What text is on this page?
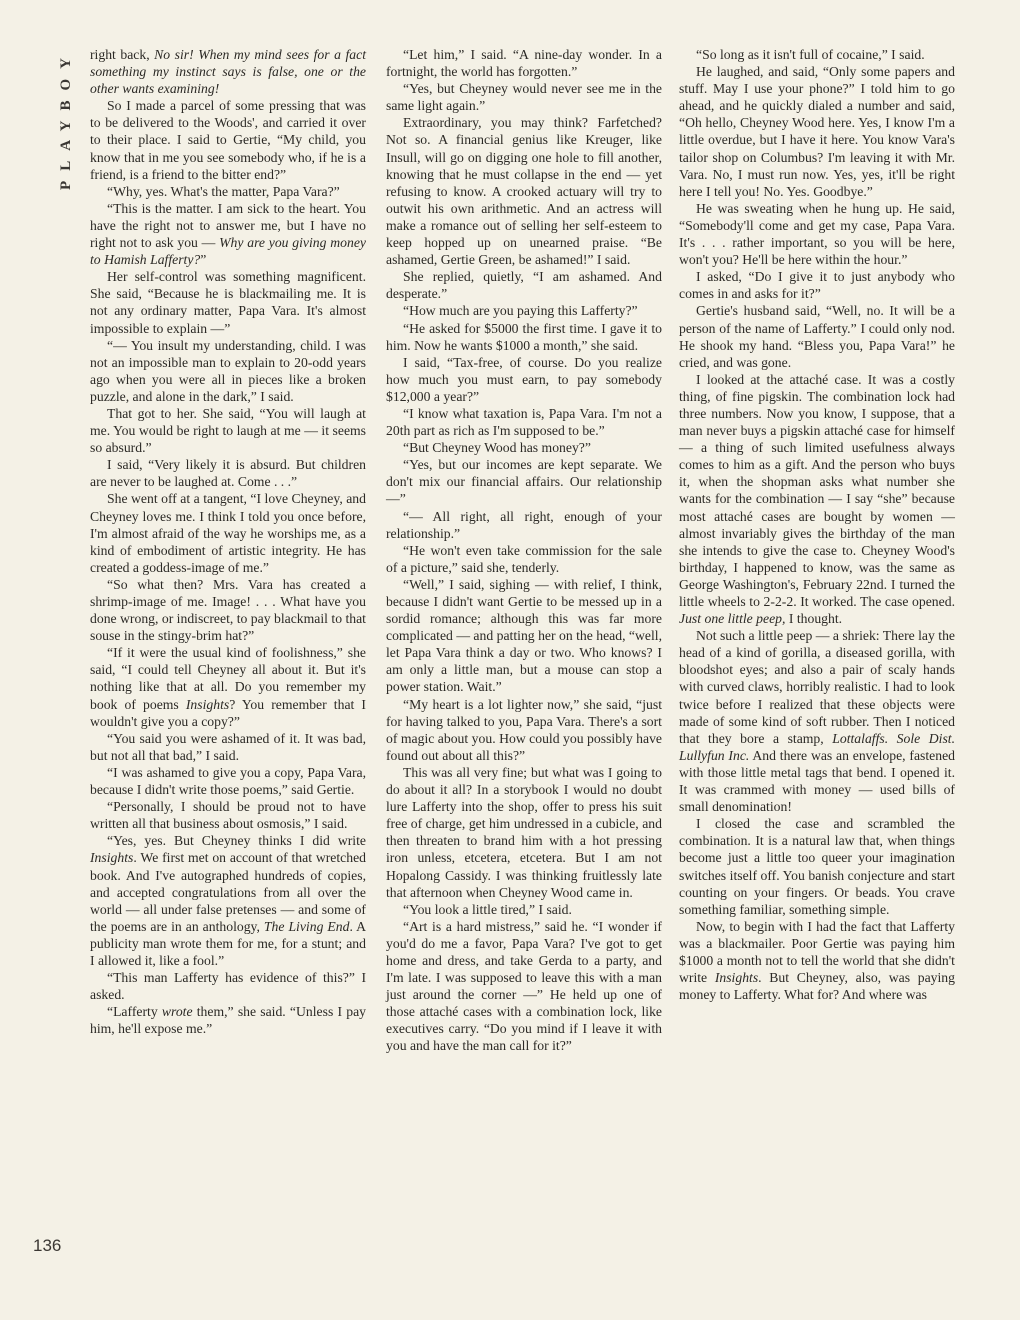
PLAYBOY right back, No sir! When my mind sees for a fact something my instinct says is false, one or the other wants examining!

So I made a parcel of some pressing that was to be delivered to the Woods', and carried it over to their place. I said to Gertie, “My child, you know that in me you see somebody who, if he is a friend, is a friend to the bitter end?”

“Why, yes. What's the matter, Papa Vara?”

“This is the matter. I am sick to the heart. You have the right not to answer me, but I have no right not to ask you — Why are you giving money to Hamish Lafferty?”

Her self-control was something magnificent. She said, “Because he is blackmailing me. It is not any ordinary matter, Papa Vara. It's almost impossible to explain —”

“— You insult my understanding, child. I was not an impossible man to explain to 20-odd years ago when you were all in pieces like a broken puzzle, and alone in the dark,” I said.

That got to her. She said, “You will laugh at me. You would be right to laugh at me — it seems so absurd.”

I said, “Very likely it is absurd. But children are never to be laughed at. Come . . .”

She went off at a tangent, “I love Cheyney, and Cheyney loves me. I think I told you once before, I'm almost afraid of the way he worships me, as a kind of embodiment of artistic integrity. He has created a goddess-image of me.”

“So what then? Mrs. Vara has created a shrimp-image of me. Image! . . . What have you done wrong, or indiscreet, to pay blackmail to that souse in the stingy-brim hat?”

“If it were the usual kind of foolishness,” she said, “I could tell Cheyney all about it. But it's nothing like that at all. Do you remember my book of poems Insights? You remember that I wouldn't give you a copy?”

“You said you were ashamed of it. It was bad, but not all that bad,” I said.

“I was ashamed to give you a copy, Papa Vara, because I didn't write those poems,” said Gertie.

“Personally, I should be proud not to have written all that business about osmosis,” I said.

“Yes, yes. But Cheyney thinks I did write Insights. We first met on account of that wretched book. And I've autographed hundreds of copies, and accepted congratulations from all over the world — all under false pretenses — and some of the poems are in an anthology, The Living End. A publicity man wrote them for me, for a stunt; and I allowed it, like a fool.”

“This man Lafferty has evidence of this?” I asked.

“Lafferty wrote them,” she said. “Unless I pay him, he'll expose me.”

“Let him,” I said. “A nine-day wonder. In a fortnight, the world has forgotten.”

“Yes, but Cheyney would never see me in the same light again.”

Extraordinary, you may think? Farfetched? Not so. A financial genius like Kreuger, like Insull, will go on digging one hole to fill another, knowing that he must collapse in the end — yet refusing to know. A crooked actuary will try to outwit his own arithmetic. And an actress will make a romance out of selling her self-esteem to keep hopped up on unearned praise. “Be ashamed, Gertie Green, be ashamed!” I said.

She replied, quietly, “I am ashamed. And desperate.”

“How much are you paying this Lafferty?”

“He asked for $5000 the first time. I gave it to him. Now he wants $1000 a month,” she said.

I said, “Tax-free, of course. Do you realize how much you must earn, to pay somebody $12,000 a year?”

“I know what taxation is, Papa Vara. I'm not a 20th part as rich as I'm supposed to be.”

“But Cheyney Wood has money?”

“Yes, but our incomes are kept separate. We don't mix our financial affairs. Our relationship —”

“— All right, all right, enough of your relationship.”

“He won't even take commission for the sale of a picture,” said she, tenderly.

“Well,” I said, sighing — with relief, I think, because I didn't want Gertie to be messed up in a sordid romance; although this was far more complicated — and patting her on the head, “well, let Papa Vara think a day or two. Who knows? I am only a little man, but a mouse can stop a power station. Wait.”

“My heart is a lot lighter now,” she said, “just for having talked to you, Papa Vara. There's a sort of magic about you. How could you possibly have found out about all this?”

This was all very fine; but what was I going to do about it all? In a storybook I would no doubt lure Lafferty into the shop, offer to press his suit free of charge, get him undressed in a cubicle, and then threaten to brand him with a hot pressing iron unless, etcetera, etcetera. But I am not Hopalong Cassidy. I was thinking fruitlessly late that afternoon when Cheyney Wood came in.

“You look a little tired,” I said.

“Art is a hard mistress,” said he. “I wonder if you'd do me a favor, Papa Vara? I've got to get home and dress, and take Gerda to a party, and I'm late. I was supposed to leave this with a man just around the corner —” He held up one of those attaché cases with a combination lock, like executives carry. “Do you mind if I leave it with you and have the man call for it?”

“So long as it isn't full of cocaine,” I said.

He laughed, and said, “Only some papers and stuff. May I use your phone?” I told him to go ahead, and he quickly dialed a number and said, “Oh hello, Cheyney Wood here. Yes, I know I'm a little overdue, but I have it here. You know Vara's tailor shop on Columbus? I'm leaving it with Mr. Vara. No, I must run now. Yes, yes, it'll be right here I tell you! No. Yes. Goodbye.”

He was sweating when he hung up. He said, “Somebody'll come and get my case, Papa Vara. It's . . . rather important, so you will be here, won't you? He'll be here within the hour.”

I asked, “Do I give it to just anybody who comes in and asks for it?”

Gertie's husband said, “Well, no. It will be a person of the name of Lafferty.” I could only nod. He shook my hand. “Bless you, Papa Vara!” he cried, and was gone.

I looked at the attaché case. It was a costly thing, of fine pigskin. The combination lock had three numbers. Now you know, I suppose, that a man never buys a pigskin attaché case for himself — a thing of such limited usefulness always comes to him as a gift. And the person who buys it, when the shopman asks what number she wants for the combination — I say “she” because most attaché cases are bought by women — almost invariably gives the birthday of the man she intends to give the case to. Cheyney Wood's birthday, I happened to know, was the same as George Washington's, February 22nd. I turned the little wheels to 2-2-2. It worked. The case opened. Just one little peep, I thought.

Not such a little peep — a shriek: There lay the head of a kind of gorilla, a diseased gorilla, with bloodshot eyes; and also a pair of scaly hands with curved claws, horribly realistic. I had to look twice before I realized that these objects were made of some kind of soft rubber. Then I noticed that they bore a stamp, Lottalaffs. Sole Dist. Lullyfun Inc. And there was an envelope, fastened with those little metal tags that bend. I opened it. It was crammed with money — used bills of small denomination!

I closed the case and scrambled the combination. It is a natural law that, when things become just a little too queer your imagination switches itself off. You banish conjecture and start counting on your fingers. Or beads. You crave something familiar, something simple.

Now, to begin with I had the fact that Lafferty was a blackmailer. Poor Gertie was paying him $1000 a month not to tell the world that she didn't write Insights. But Cheyney, also, was paying money to Lafferty. What for? And where was

136
